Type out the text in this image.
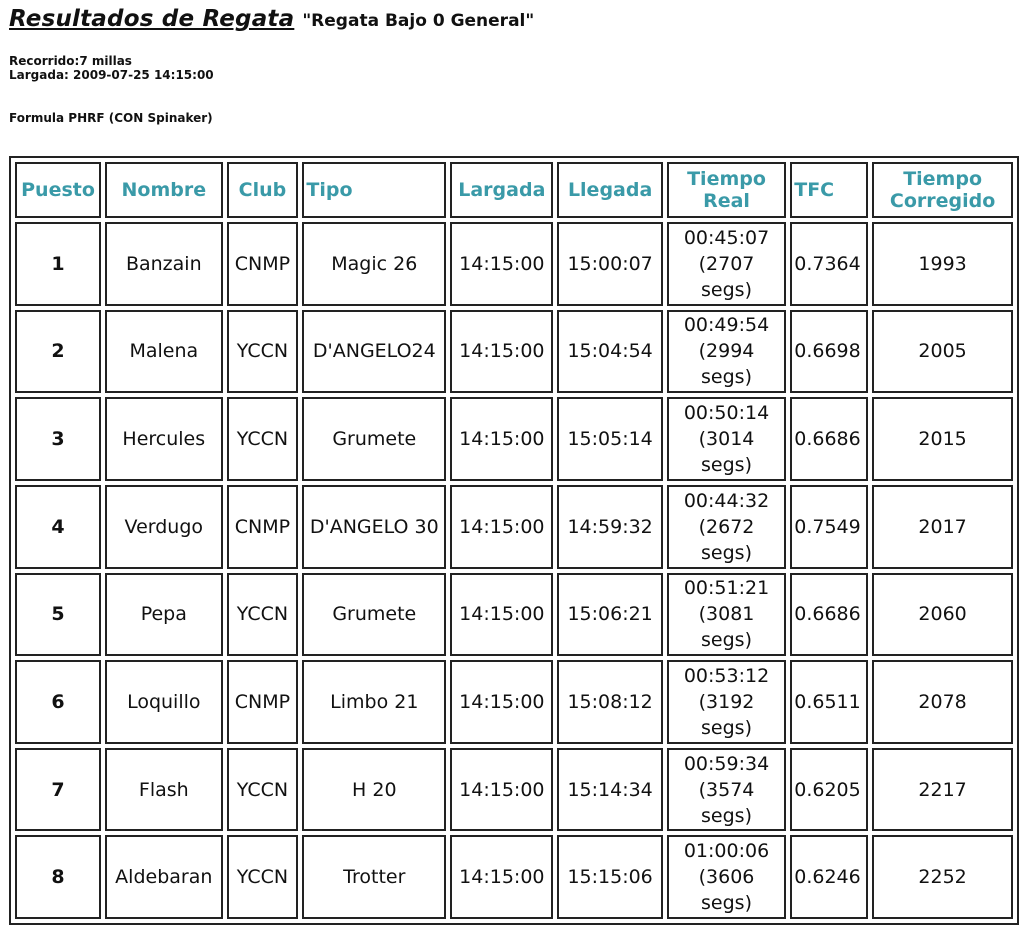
Resultados de Regata "Regata Bajo 0 General"
Recorrido:7 millas
Largada: 2009-07-25 14:15:00
Formula PHRF (CON Spinaker)
Puesto	Nombre	Club	Tipo	Largada	Llegada	Tiempo Real	TFC	Tiempo Corregido
1	Banzain	CNMP	Magic 26	14:15:00	15:00:07	00:45:07 (2707 segs)	0.7364	1993
2	Malena	YCCN	D'ANGELO24	14:15:00	15:04:54	00:49:54 (2994 segs)	0.6698	2005
3	Hercules	YCCN	Grumete	14:15:00	15:05:14	00:50:14 (3014 segs)	0.6686	2015
4	Verdugo	CNMP	D'ANGELO 30	14:15:00	14:59:32	00:44:32 (2672 segs)	0.7549	2017
5	Pepa	YCCN	Grumete	14:15:00	15:06:21	00:51:21 (3081 segs)	0.6686	2060
6	Loquillo	CNMP	Limbo 21	14:15:00	15:08:12	00:53:12 (3192 segs)	0.6511	2078
7	Flash	YCCN	H 20	14:15:00	15:14:34	00:59:34 (3574 segs)	0.6205	2217
8	Aldebaran	YCCN	Trotter	14:15:00	15:15:06	01:00:06 (3606 segs)	0.6246	2252
